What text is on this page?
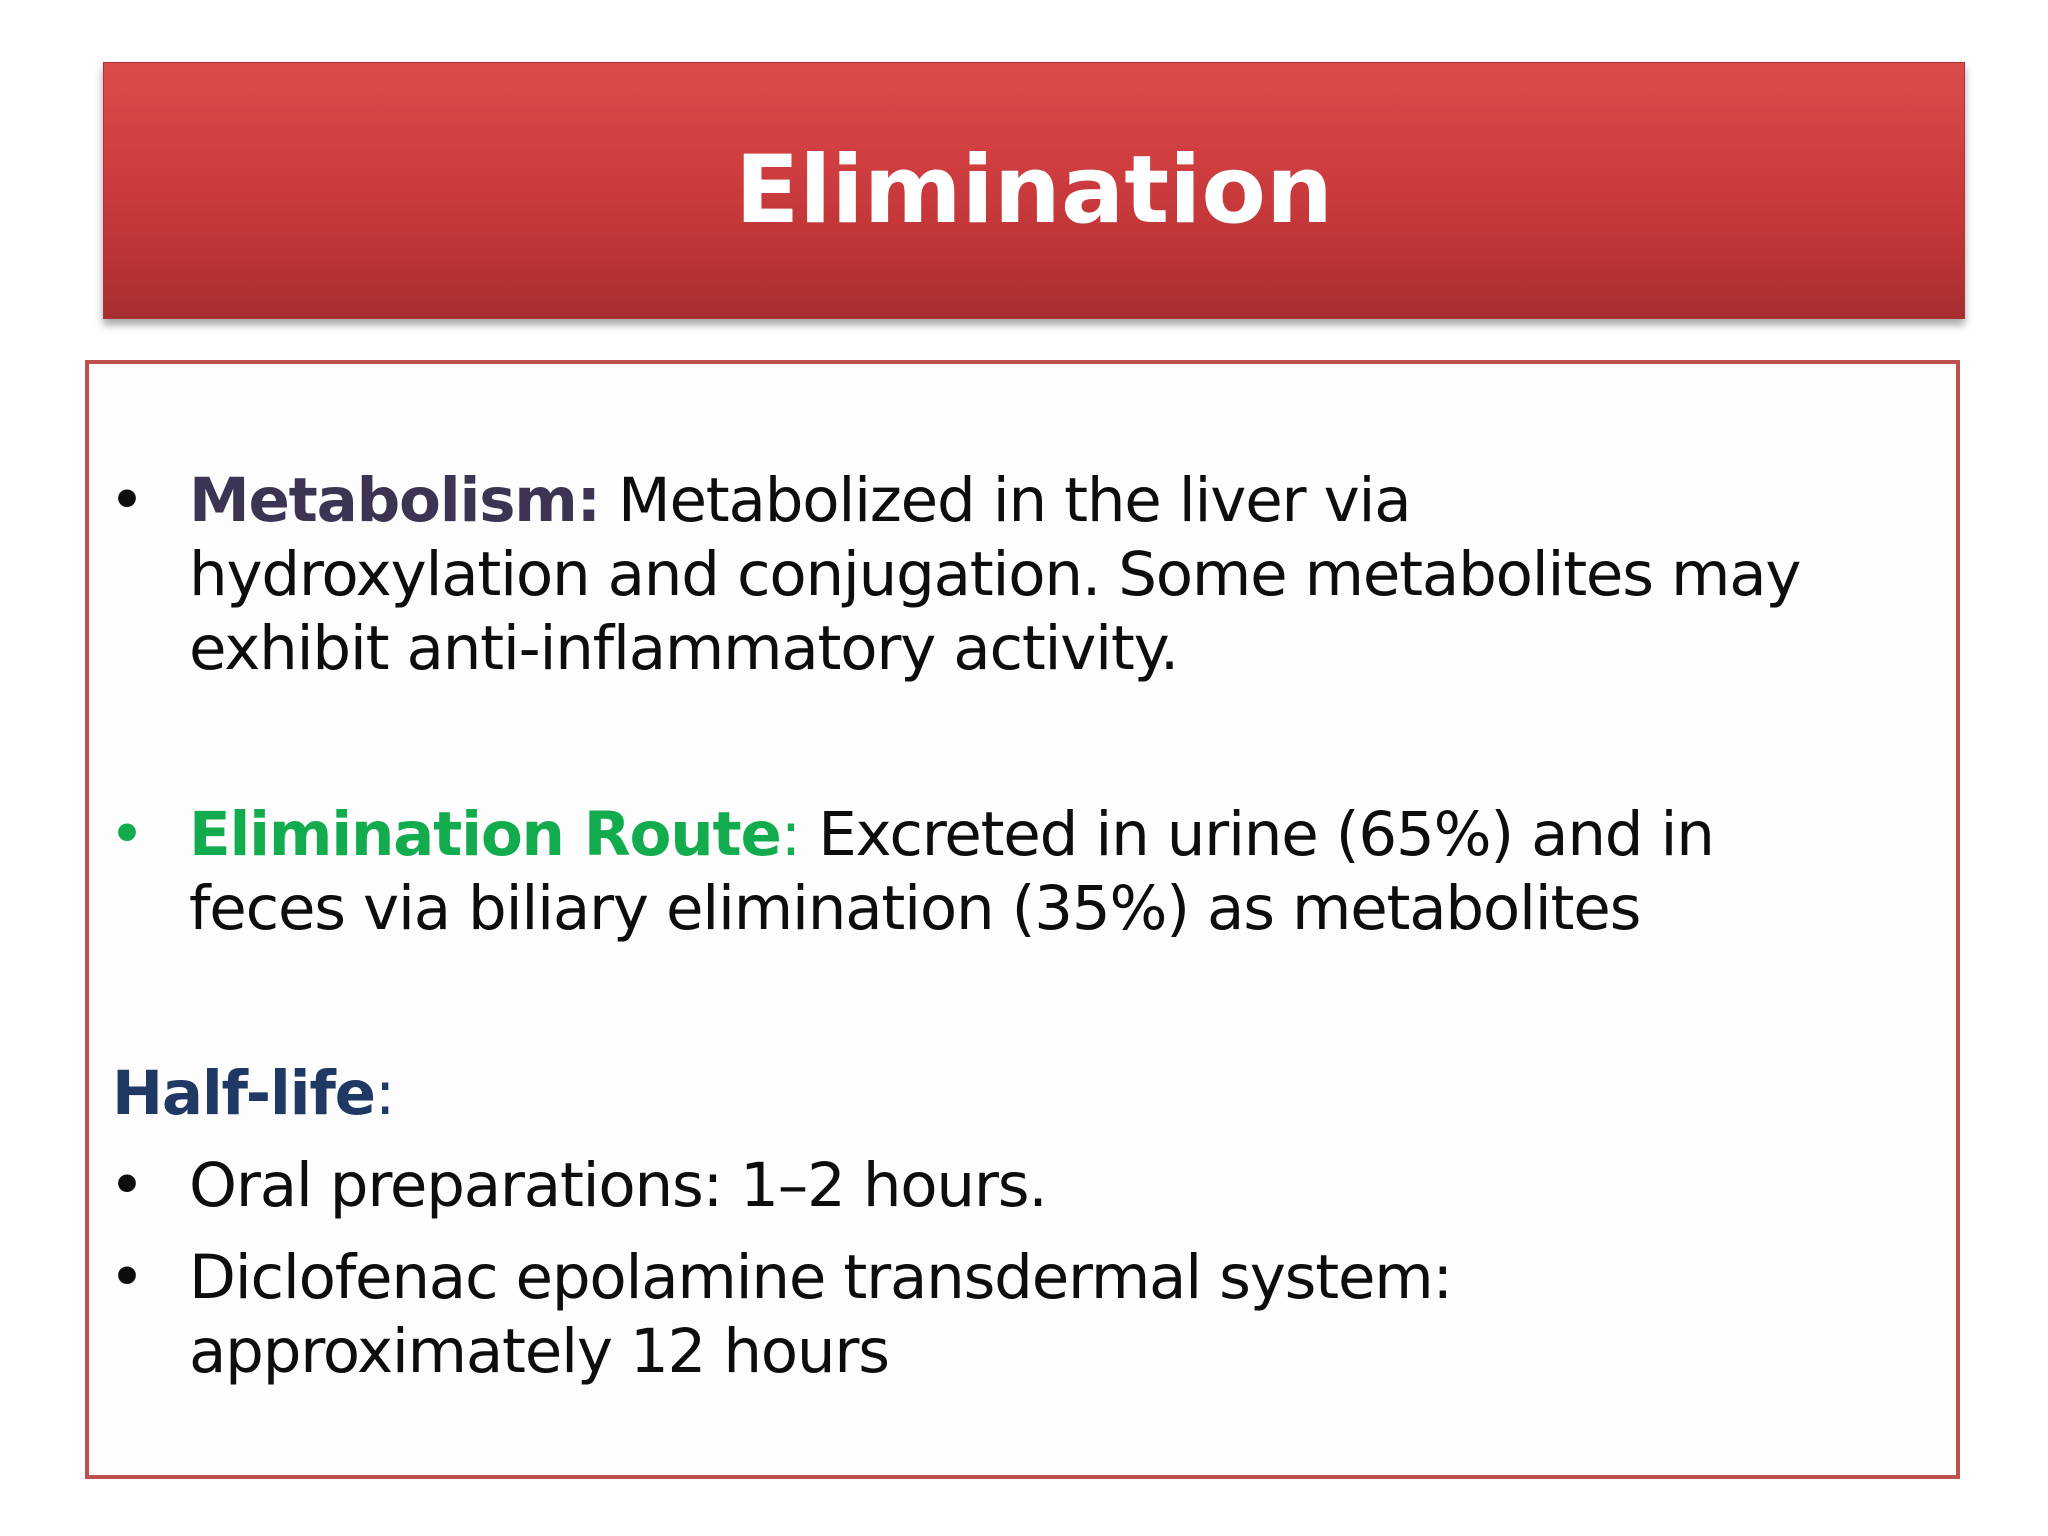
Elimination
• Metabolism: Metabolized in the liver via hydroxylation and conjugation. Some metabolites may exhibit anti-inflammatory activity.
• Elimination Route: Excreted in urine (65%) and in feces via biliary elimination (35%) as metabolites
Half-life:
• Oral preparations: 1–2 hours.
• Diclofenac epolamine transdermal system: approximately 12 hours
